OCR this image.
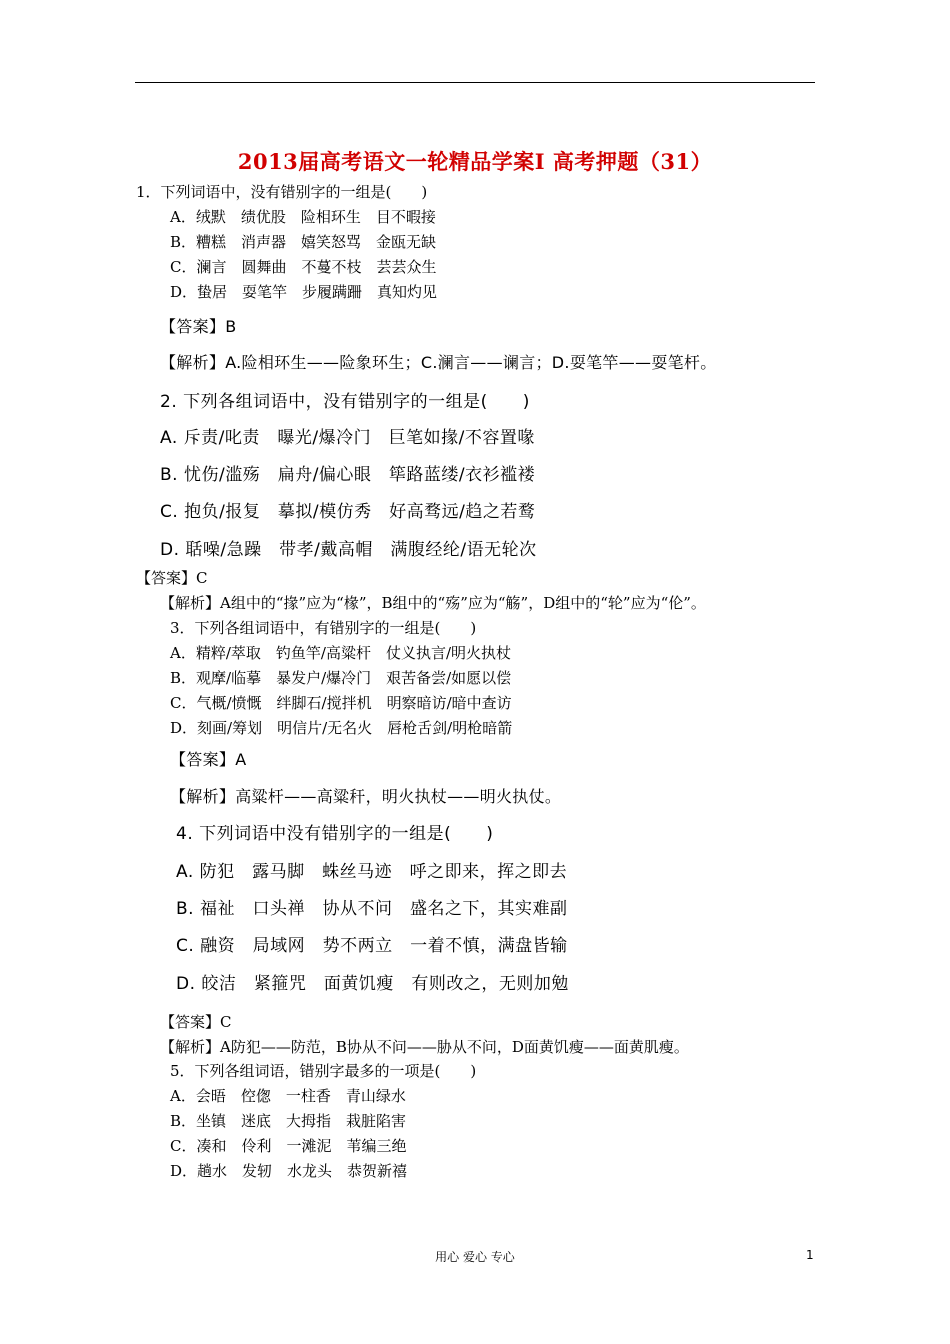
2013届高考语文一轮精品学案Ⅰ 高考押题（31）
1．下列词语中，没有错别字的一组是(　　)
A．绒默　绩优股　险相环生　目不暇接
B．糟糕　消声器　嬉笑怒骂　金瓯无缺
C．澜言　圆舞曲　不蔓不枝　芸芸众生
D．蛰居　耍笔竿　步履蹒跚　真知灼见
【答案】B
【解析】A.险相环生——险象环生；C.澜言——谰言；D.耍笔竿——耍笔杆。
2. 下列各组词语中，没有错别字的一组是(　　)
A. 斥责/叱责　曝光/爆冷门　巨笔如掾/不容置喙
B. 忧伤/滥殇　扁舟/偏心眼　筚路蓝缕/衣衫褴褛
C. 抱负/报复　摹拟/模仿秀　好高骛远/趋之若鹜
D. 聒噪/急躁　带孝/戴高帽　满腹经纶/语无轮次
【答案】C
【解析】A组中的“掾”应为“椽”，B组中的“殇”应为“觞”，D组中的“轮”应为“伦”。
3．下列各组词语中，有错别字的一组是(　　)
A．精粹/萃取　钓鱼竿/高粱杆　仗义执言/明火执杖
B．观摩/临摹　暴发户/爆冷门　艰苦备尝/如愿以偿
C．气概/愤慨　绊脚石/搅拌机　明察暗访/暗中查访
D．刻画/筹划　明信片/无名火　唇枪舌剑/明枪暗箭
【答案】A
【解析】高粱杆——高粱秆，明火执杖——明火执仗。
4. 下列词语中没有错别字的一组是(　　)
A. 防犯　露马脚　蛛丝马迹　呼之即来，挥之即去
B. 福祉　口头禅　协从不问　盛名之下，其实难副
C. 融资　局域网　势不两立　一着不慎，满盘皆输
D. 皎洁　紧箍咒　面黄饥瘦　有则改之，无则加勉
【答案】C
【解析】A防犯——防范，B协从不问——胁从不问，D面黄饥瘦——面黄肌瘦。
5．下列各组词语，错别字最多的一项是(　　)
A．会晤　倥偬　一柱香　青山绿水
B．坐镇　迷底　大拇指　栽脏陷害
C．凑和　伶利　一滩泥　苇编三绝
D．趟水　发轫　水龙头　恭贺新禧
用心 爱心 专心	1
